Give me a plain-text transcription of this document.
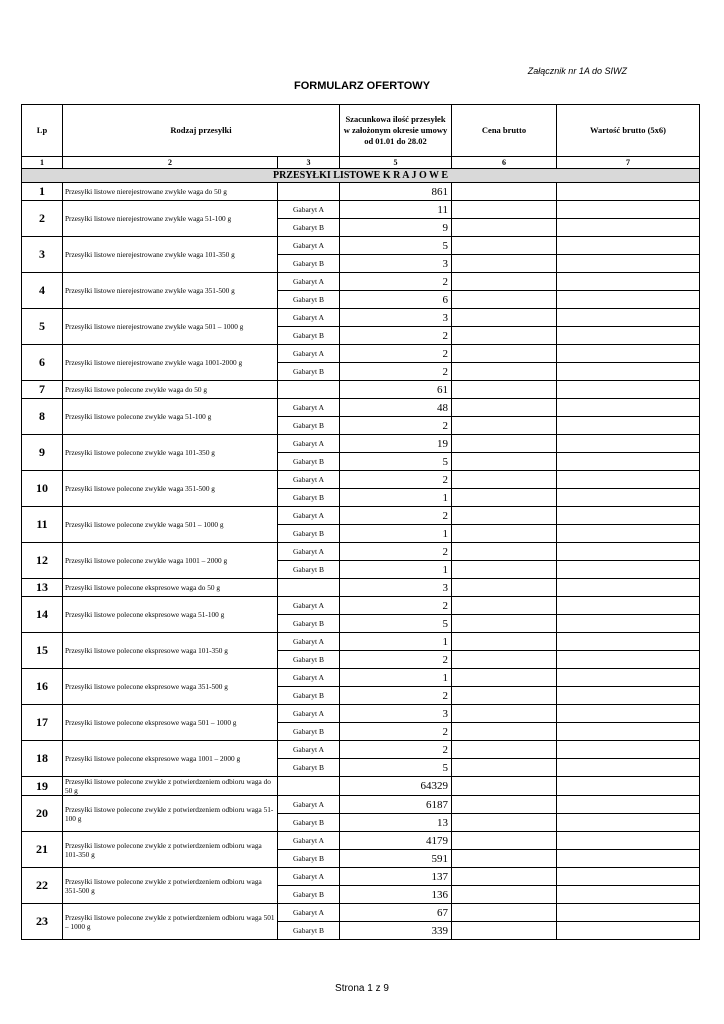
Załącznik nr 1A do SIWZ
FORMULARZ OFERTOWY
Lp	Rodzaj przesyłki		Szacunkowa ilość przesyłek w założonym okresie umowy od 01.01 do 28.02	Cena brutto	Wartość brutto (5x6)
1	2	3	5	6	7
PRZESYŁKI LISTOWE K R A J O W E					
1	Przesyłki listowe nierejestrowane zwykłe waga do 50 g		861		
2	Przesyłki listowe nierejestrowane zwykłe waga 51-100 g	Gabaryt A	11		
		Gabaryt B	9		
3	Przesyłki listowe nierejestrowane zwykłe waga 101-350 g	Gabaryt A	5		
		Gabaryt B	3		
4	Przesyłki listowe nierejestrowane zwykłe waga 351-500 g	Gabaryt A	2		
		Gabaryt B	6		
5	Przesyłki listowe nierejestrowane zwykłe waga 501 – 1000 g	Gabaryt A	3		
		Gabaryt B	2		
6	Przesyłki listowe nierejestrowane zwykłe waga 1001-2000 g	Gabaryt A	2		
		Gabaryt B	2		
7	Przesyłki listowe polecone zwykłe waga do 50 g		61		
8	Przesyłki listowe polecone zwykłe waga 51-100 g	Gabaryt A	48		
		Gabaryt B	2		
9	Przesyłki listowe polecone zwykłe waga 101-350 g	Gabaryt A	19		
		Gabaryt B	5		
10	Przesyłki listowe polecone zwykłe waga 351-500 g	Gabaryt A	2		
		Gabaryt B	1		
11	Przesyłki listowe polecone zwykłe waga 501 – 1000 g	Gabaryt A	2		
		Gabaryt B	1		
12	Przesyłki listowe polecone zwykłe waga 1001 – 2000 g	Gabaryt A	2		
		Gabaryt B	1		
13	Przesyłki listowe polecone ekspresowe waga do 50 g		3		
14	Przesyłki listowe polecone ekspresowe waga 51-100 g	Gabaryt A	2		
		Gabaryt B	5		
15	Przesyłki listowe polecone ekspresowe waga 101-350 g	Gabaryt A	1		
		Gabaryt B	2		
16	Przesyłki listowe polecone ekspresowe waga 351-500 g	Gabaryt A	1		
		Gabaryt B	2		
17	Przesyłki listowe polecone ekspresowe waga 501 – 1000 g	Gabaryt A	3		
		Gabaryt B	2		
18	Przesyłki listowe polecone ekspresowe waga 1001 – 2000 g	Gabaryt A	2		
		Gabaryt B	5		
19	Przesyłki listowe polecone zwykłe z potwierdzeniem odbioru waga do 50 g		64329		
20	Przesyłki listowe polecone zwykłe z potwierdzeniem odbioru waga 51-100 g	Gabaryt A	6187		
		Gabaryt B	13		
21	Przesyłki listowe polecone zwykłe z potwierdzeniem odbioru waga 101-350 g	Gabaryt A	4179		
		Gabaryt B	591		
22	Przesyłki listowe polecone zwykłe z potwierdzeniem odbioru waga 351-500 g	Gabaryt A	137		
		Gabaryt B	136		
23	Przesyłki listowe polecone zwykłe z potwierdzeniem odbioru waga 501 – 1000 g	Gabaryt A	67		
		Gabaryt B	339		
Strona 1 z 9
